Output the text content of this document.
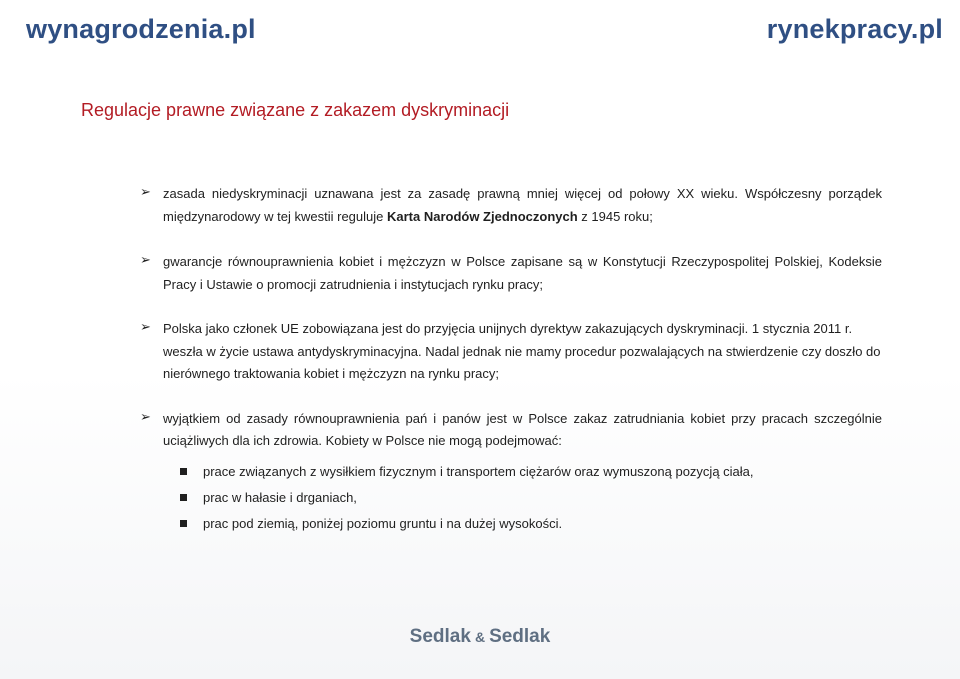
wynagrodzenia.pl	rynekpracy.pl
Regulacje prawne związane z zakazem dyskryminacji
➢ zasada niedyskryminacji uznawana jest za zasadę prawną mniej więcej od połowy XX wieku. Współczesny porządek międzynarodowy w tej kwestii reguluje Karta Narodów Zjednoczonych z 1945 roku;
➢ gwarancje równouprawnienia kobiet i mężczyzn w Polsce zapisane są w Konstytucji Rzeczypospolitej Polskiej, Kodeksie Pracy i Ustawie o promocji zatrudnienia i instytucjach rynku pracy;
➢ Polska jako członek UE zobowiązana jest do przyjęcia unijnych dyrektyw zakazujących dyskryminacji. 1 stycznia 2011 r. weszła w życie ustawa antydyskryminacyjna. Nadal jednak nie mamy procedur pozwalających na stwierdzenie czy doszło do nierównego traktowania kobiet i mężczyzn na rynku pracy;
➢ wyjątkiem od zasady równouprawnienia pań i panów jest w Polsce zakaz zatrudniania kobiet przy pracach szczególnie uciążliwych dla ich zdrowia. Kobiety w Polsce nie mogą podejmować:
prace związanych z wysiłkiem fizycznym i transportem ciężarów oraz wymuszoną pozycją ciała,
prac w hałasie i drganiach,
prac pod ziemią, poniżej poziomu gruntu i na dużej wysokości.
Sedlak & Sedlak
